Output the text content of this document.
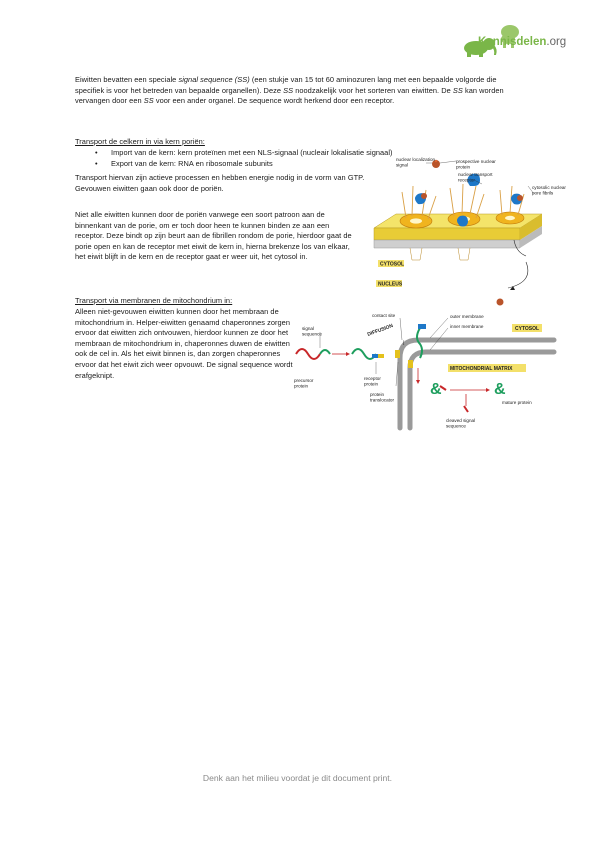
Kennisdelen.org
Eiwitten bevatten een speciale signal sequence (SS) (een stukje van 15 tot 60 aminozuren lang met een bepaalde volgorde die specifiek is voor het betreden van bepaalde organellen). Deze SS noodzakelijk voor het sorteren van eiwitten. De SS kan worden vervangen door een SS voor een ander organel. De sequence wordt herkend door een receptor.
Transport de celkern in via kern poriën:
• Import van de kern: kern proteïnen met een NLS-signaal (nucleair lokalisatie signaal)
• Export van de kern: RNA en ribosomale subunits
Transport hiervan zijn actieve processen en hebben energie nodig in de vorm van GTP. Gevouwen eiwitten gaan ook door de poriën.
Niet alle eiwitten kunnen door de poriën vanwege een soort patroon aan de binnenkant van de porie, om er toch door heen te kunnen binden ze aan een receptor. Deze bindt op zijn beurt aan de fibrillen rondom de porie, hierdoor gaat de porie open en kan de receptor met eiwit de kern in, hierna brekenze los van elkaar, het eiwit blijft in de kern en de receptor gaat er weer uit, het cytosol in.
Transport via membranen de mitochondrium in:
Alleen niet-gevouwen eiwitten kunnen door het membraan de mitochondrium in. Helper-eiwitten genaamd chaperonnes zorgen ervoor dat eiwitten zich ontvouwen, hierdoor kunnen ze door het membraan de mitochondrium in, chaperonnes duwen de eiwitten ook de cel in. Als het eiwit binnen is, dan zorgen chaperonnes ervoor dat het eiwit zich weer opvouwt. De signal sequence wordt erafgeknipt.
nuclear localization signal
prospective nuclear protein
nuclear transport receptor
cytosolic nuclear pore fibrils
CYTOSOL
NUCLEUS
MITOCHONDRIAL MATRIX
CYTOSOL
DIFFUSION
[
&	&
signal sequence
contact site	outer membrane
inner membrane
precursor protein
receptor protein
protein translocator
mature protein
cleaved signal sequence
Denk aan het milieu voordat je dit document print.
